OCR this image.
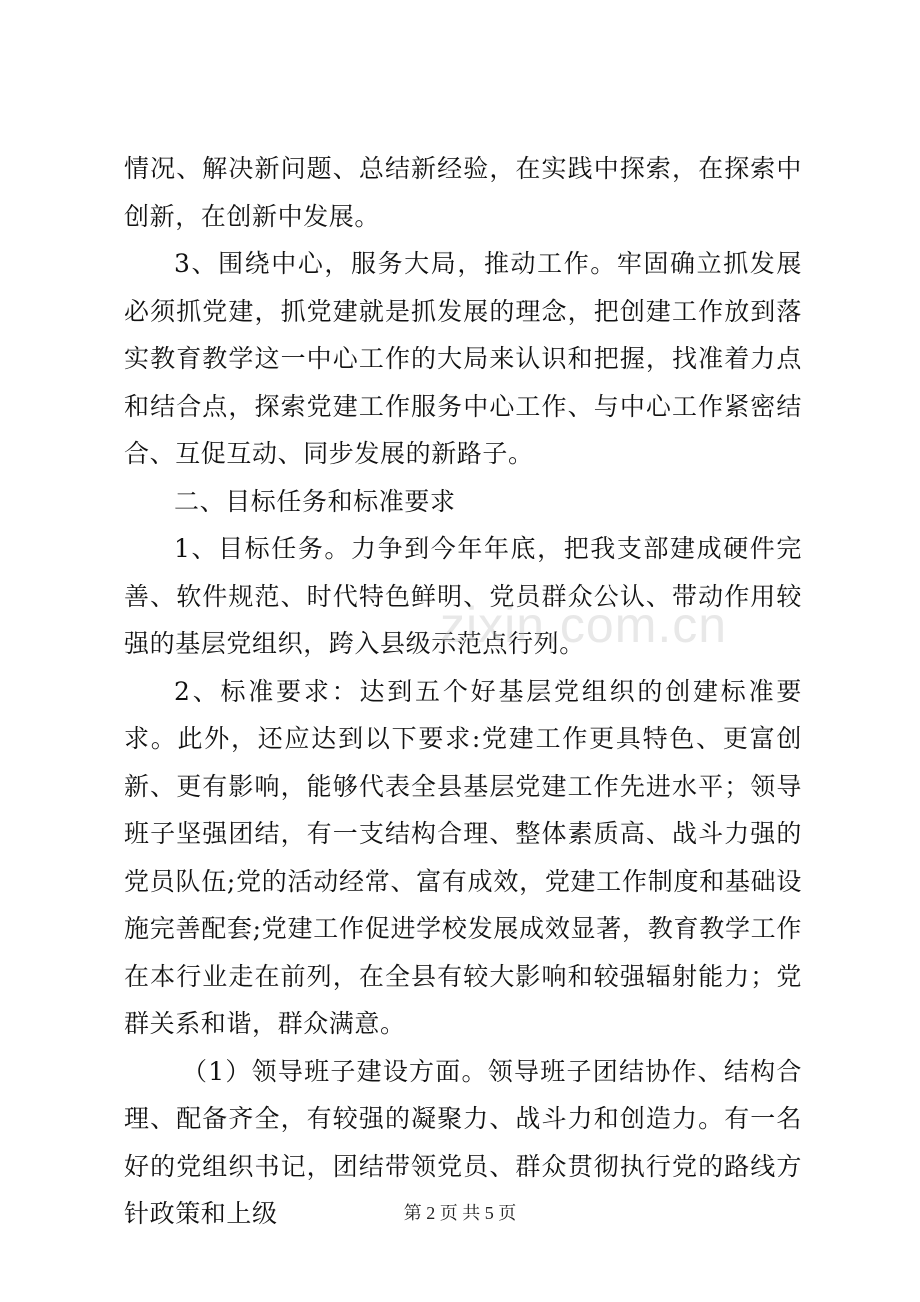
情况、解决新问题、总结新经验，在实践中探索，在探索中创新，在创新中发展。

3、围绕中心，服务大局，推动工作。牢固确立抓发展必须抓党建，抓党建就是抓发展的理念，把创建工作放到落实教育教学这一中心工作的大局来认识和把握，找准着力点和结合点，探索党建工作服务中心工作、与中心工作紧密结合、互促互动、同步发展的新路子。

二、目标任务和标准要求

1、目标任务。力争到今年年底，把我支部建成硬件完善、软件规范、时代特色鲜明、党员群众公认、带动作用较强的基层党组织，跨入县级示范点行列。

2、标准要求：达到五个好基层党组织的创建标准要求。此外，还应达到以下要求:党建工作更具特色、更富创新、更有影响，能够代表全县基层党建工作先进水平；领导班子坚强团结，有一支结构合理、整体素质高、战斗力强的党员队伍;党的活动经常、富有成效，党建工作制度和基础设施完善配套;党建工作促进学校发展成效显著，教育教学工作在本行业走在前列，在全县有较大影响和较强辐射能力；党群关系和谐，群众满意。

（1）领导班子建设方面。领导班子团结协作、结构合理、配备齐全，有较强的凝聚力、战斗力和创造力。有一名好的党组织书记，团结带领党员、群众贯彻执行党的路线方针政策和上级

zixin.com.cn
第 2 页 共 5 页
